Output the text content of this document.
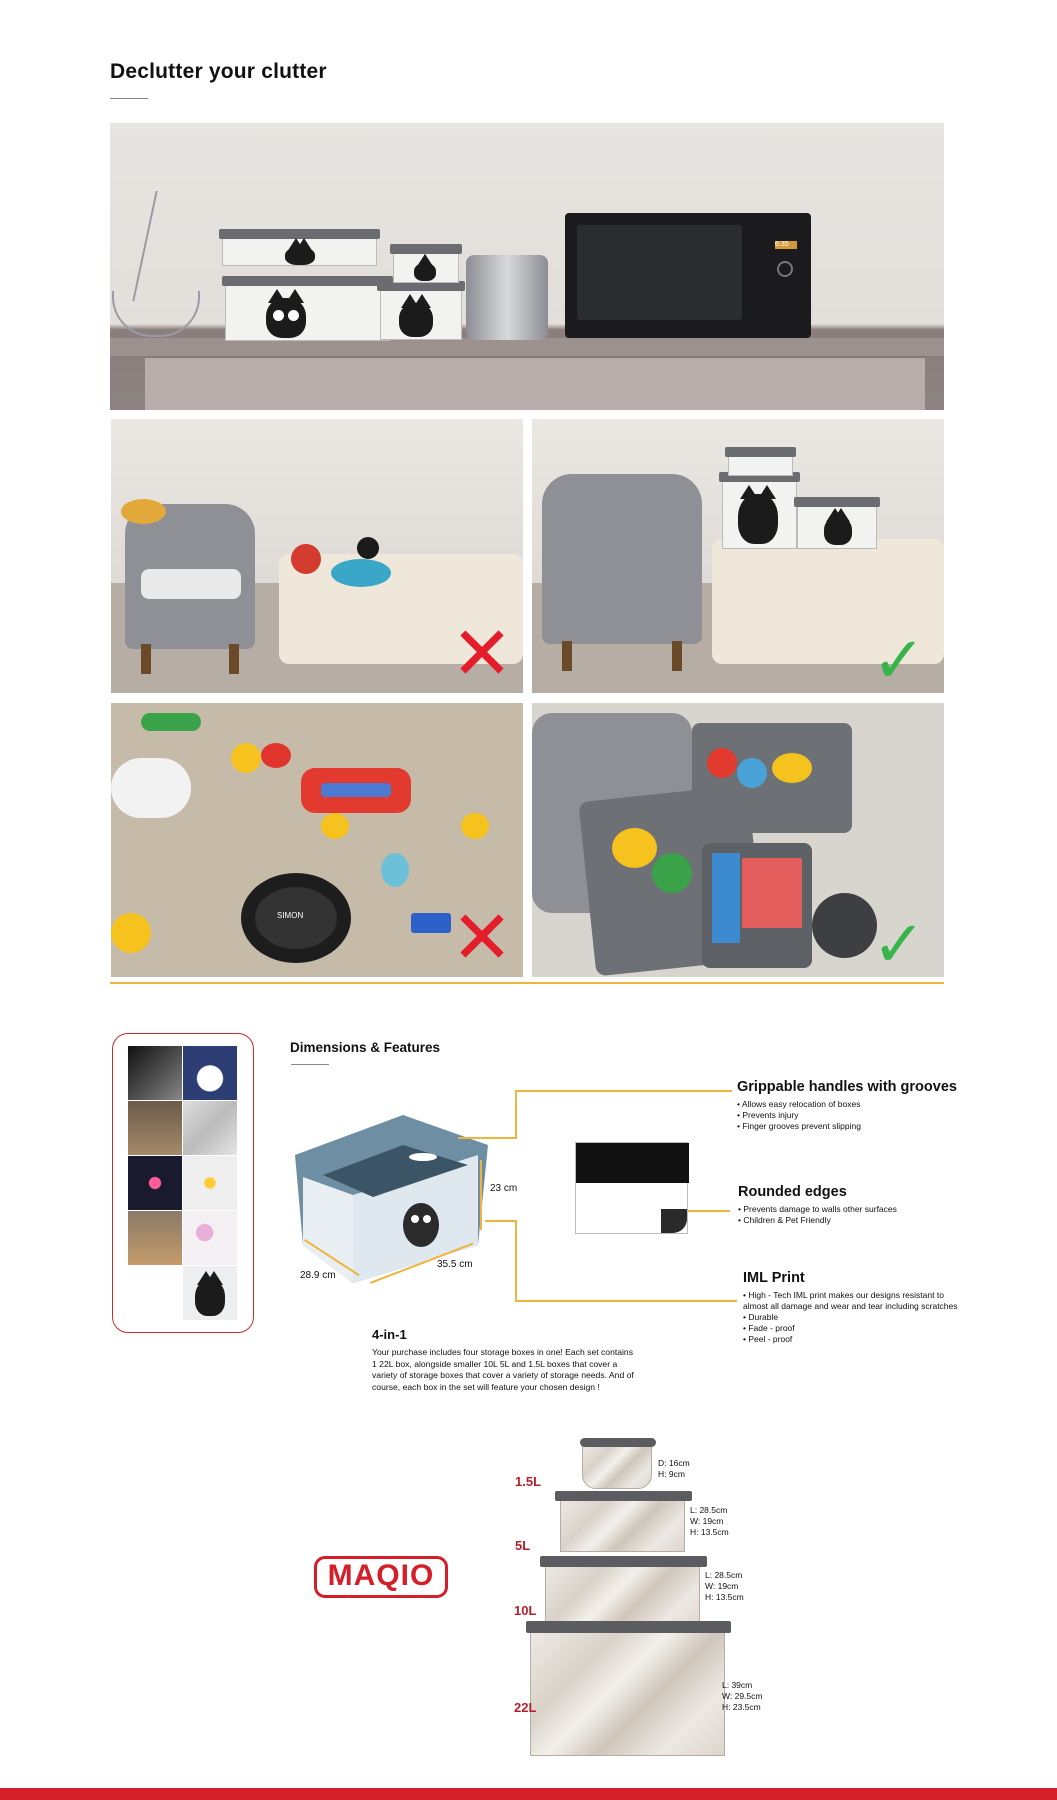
Declutter your clutter
6:35
✕	✓
SIMON ✕	✓
Dimensions & Features
23 cm
28.9 cm
35.5 cm
Grippable handles with grooves
• Allows easy relocation of boxes
• Prevents injury
• Finger grooves prevent slipping
Rounded edges
• Prevents damage to walls other surfaces
• Children & Pet Friendly
IML Print
• High - Tech IML print makes our designs resistant to
almost all damage and wear and tear including scratches
• Durable
• Fade - proof
• Peel - proof
4-in-1
Your purchase includes four storage boxes in one! Each set contains 1 22L box, alongside smaller 10L 5L and 1.5L boxes that cover a variety of storage boxes that cover a variety of storage needs. And of course, each box in the set will feature your chosen design !
MAQIO
1.5L
5L
10L
22L
D: 16cm
H: 9cm
L: 28.5cm
W: 19cm
H: 13.5cm
L: 28.5cm
W: 19cm
H: 13.5cm
L: 39cm
W: 29.5cm
H: 23.5cm
